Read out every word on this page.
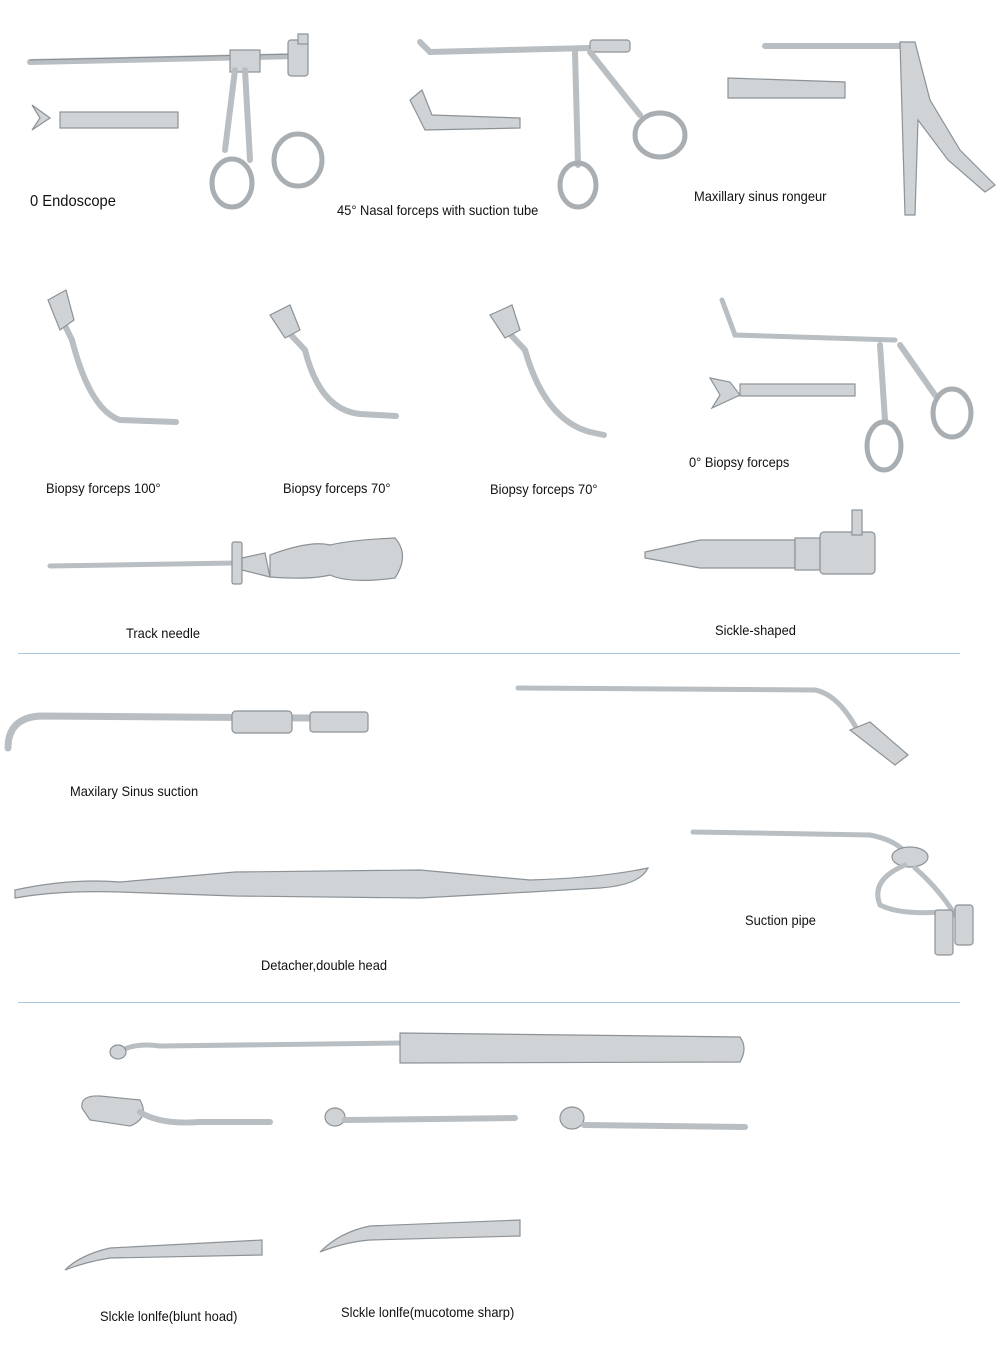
0 Endoscope	45° Nasal forceps with suction tube
Maxillary sinus rongeur
Biopsy forceps 100°	Biopsy forceps 70°	Biopsy forceps 70°
0° Biopsy forceps
Track needle	Sickle-shaped
Maxilary Sinus suction
Suction pipe
Detacher,double head
Slckle lonlfe(blunt hoad)	Slckle lonlfe(mucotome sharp)
